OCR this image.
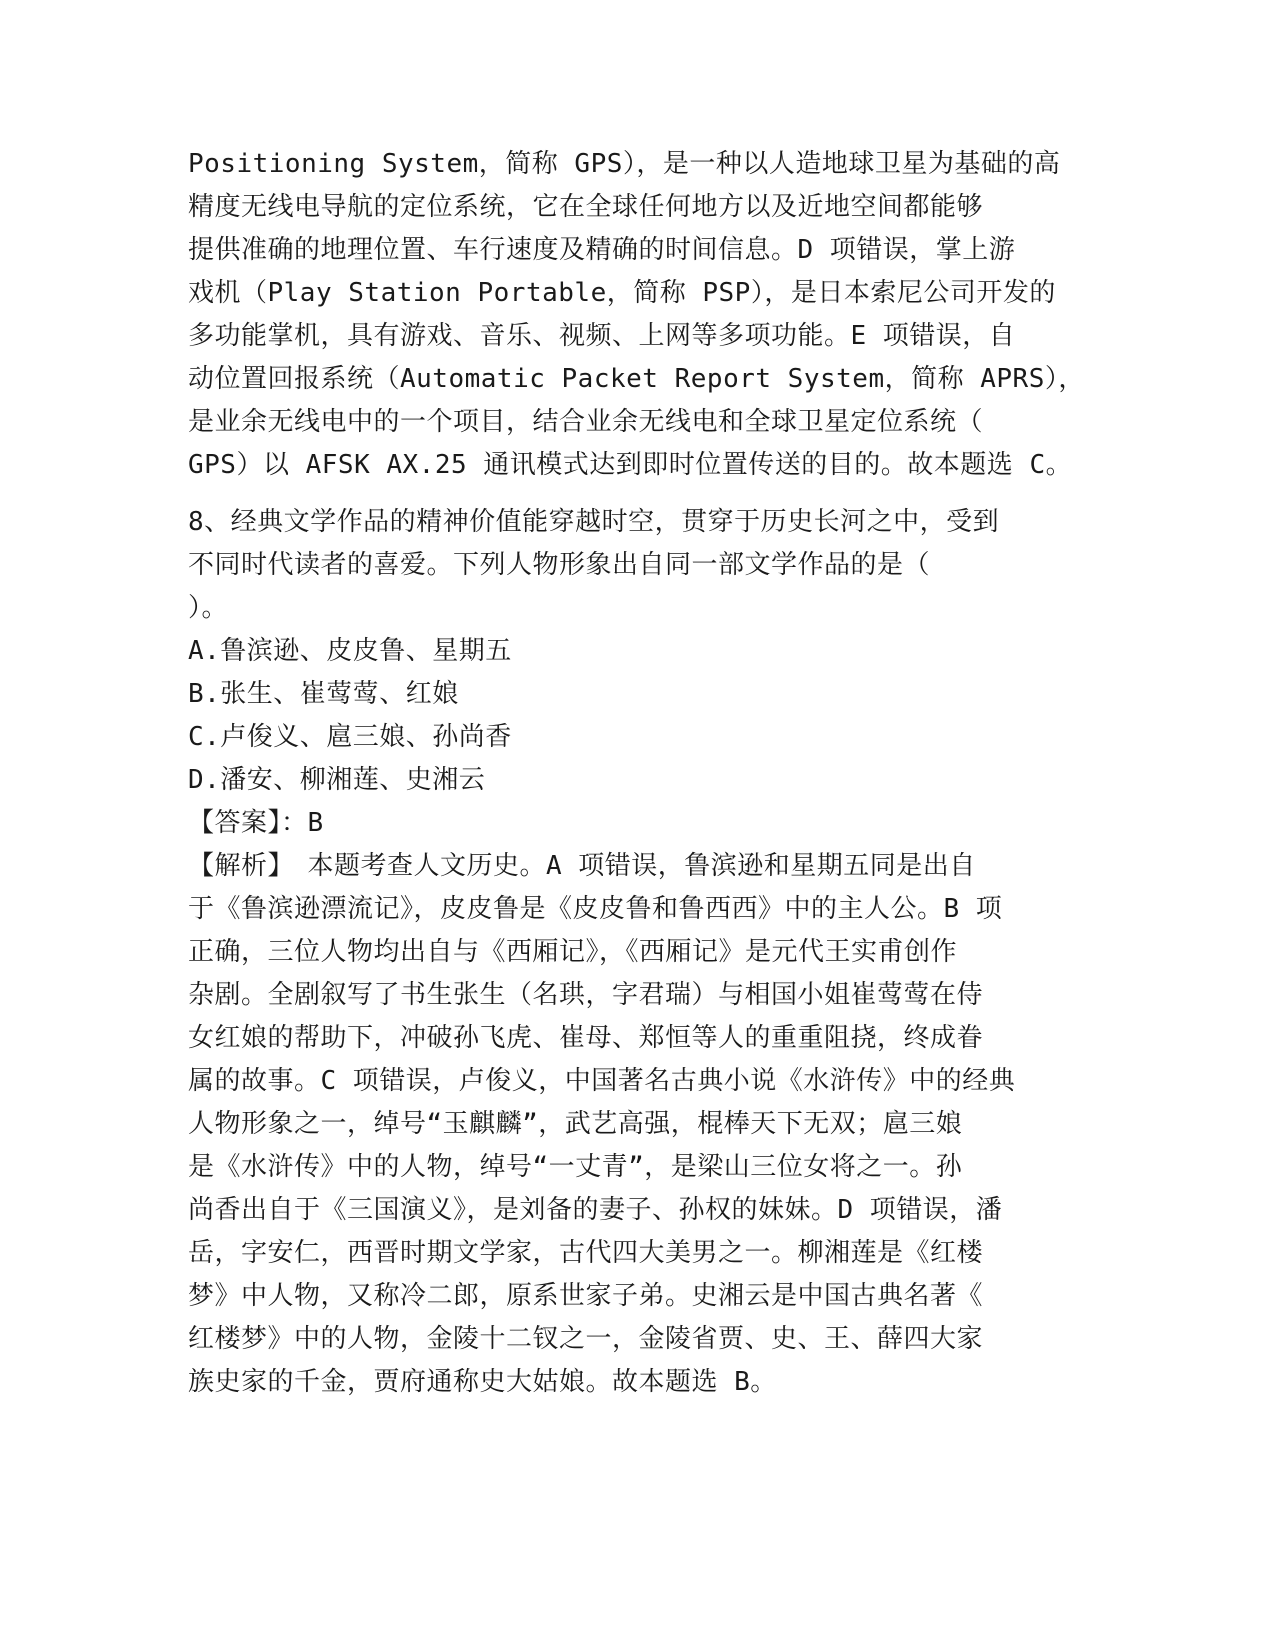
Positioning System，简称 GPS），是一种以人造地球卫星为基础的高
精度无线电导航的定位系统，它在全球任何地方以及近地空间都能够
提供准确的地理位置、车行速度及精确的时间信息。D 项错误，掌上游
戏机（Play Station Portable，简称 PSP），是日本索尼公司开发的
多功能掌机，具有游戏、音乐、视频、上网等多项功能。E 项错误，自
动位置回报系统（Automatic Packet Report System，简称 APRS），
是业余无线电中的一个项目，结合业余无线电和全球卫星定位系统（
GPS）以 AFSK AX.25 通讯模式达到即时位置传送的目的。故本题选 C。
8、经典文学作品的精神价值能穿越时空，贯穿于历史长河之中，受到
不同时代读者的喜爱。下列人物形象出自同一部文学作品的是（
）。
A.鲁滨逊、皮皮鲁、星期五
B.张生、崔莺莺、红娘
C.卢俊义、扈三娘、孙尚香
D.潘安、柳湘莲、史湘云
【答案】：B
【解析】　本题考查人文历史。A 项错误，鲁滨逊和星期五同是出自
于《鲁滨逊漂流记》，皮皮鲁是《皮皮鲁和鲁西西》中的主人公。B 项
正确，三位人物均出自与《西厢记》，《西厢记》是元代王实甫创作
杂剧。全剧叙写了书生张生（名珙，字君瑞）与相国小姐崔莺莺在侍
女红娘的帮助下，冲破孙飞虎、崔母、郑恒等人的重重阻挠，终成眷
属的故事。C 项错误，卢俊义，中国著名古典小说《水浒传》中的经典
人物形象之一，绰号“玉麒麟”，武艺高强，棍棒天下无双；扈三娘
是《水浒传》中的人物，绰号“一丈青”，是梁山三位女将之一。孙
尚香出自于《三国演义》，是刘备的妻子、孙权的妹妹。D 项错误，潘
岳，字安仁，西晋时期文学家，古代四大美男之一。柳湘莲是《红楼
梦》中人物，又称冷二郎，原系世家子弟。史湘云是中国古典名著《
红楼梦》中的人物，金陵十二钗之一，金陵省贾、史、王、薛四大家
族史家的千金，贾府通称史大姑娘。故本题选 B。
